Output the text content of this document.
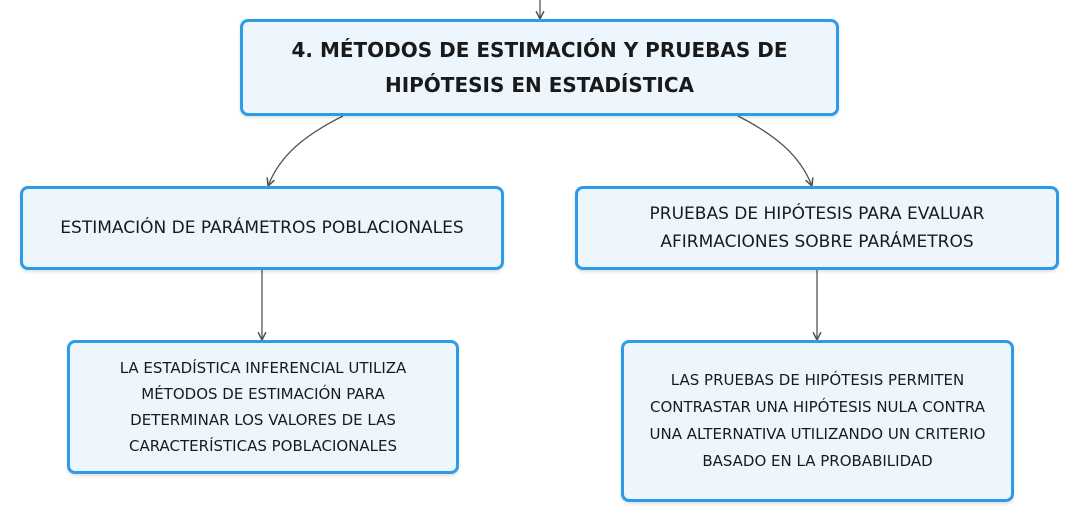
4. MÉTODOS DE ESTIMACIÓN Y PRUEBAS DE HIPÓTESIS EN ESTADÍSTICA
ESTIMACIÓN DE PARÁMETROS POBLACIONALES
PRUEBAS DE HIPÓTESIS PARA EVALUAR AFIRMACIONES SOBRE PARÁMETROS
LA ESTADÍSTICA INFERENCIAL UTILIZA MÉTODOS DE ESTIMACIÓN PARA DETERMINAR LOS VALORES DE LAS CARACTERÍSTICAS POBLACIONALES
LAS PRUEBAS DE HIPÓTESIS PERMITEN CONTRASTAR UNA HIPÓTESIS NULA CONTRA UNA ALTERNATIVA UTILIZANDO UN CRITERIO BASADO EN LA PROBABILIDAD
